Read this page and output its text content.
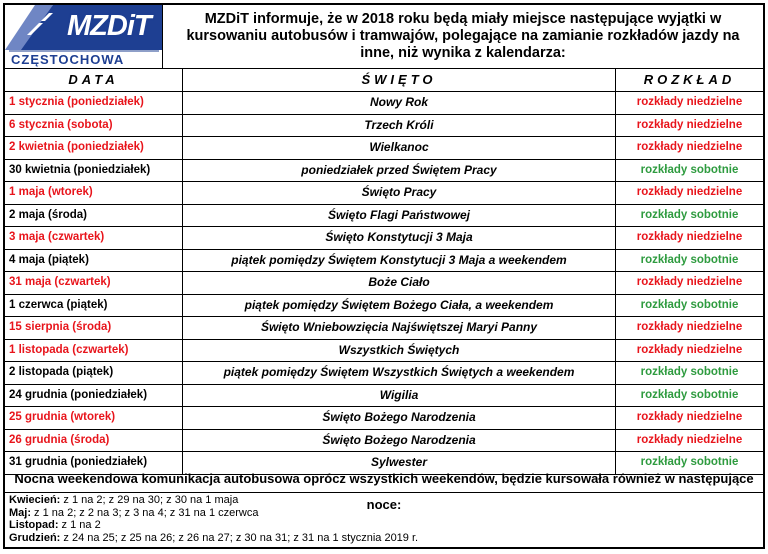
MZDiT
CZĘSTOCHOWA
MZDiT informuje, że w 2018 roku będą miały miejsce następujące wyjątki w kursowaniu autobusów i tramwajów, polegające na zamianie rozkładów jazdy na inne, niż wynika z kalendarza:
DATA	ŚWIĘTO	ROZKŁAD
1 stycznia (poniedziałek)	Nowy Rok	rozkłady niedzielne
6 stycznia (sobota)	Trzech Króli	rozkłady niedzielne
2 kwietnia (poniedziałek)	Wielkanoc	rozkłady niedzielne
30 kwietnia (poniedziałek)	poniedziałek przed Świętem Pracy	rozkłady sobotnie
1 maja (wtorek)	Święto Pracy	rozkłady niedzielne
2 maja (środa)	Święto Flagi Państwowej	rozkłady sobotnie
3 maja (czwartek)	Święto Konstytucji 3 Maja	rozkłady niedzielne
4 maja (piątek)	piątek pomiędzy Świętem Konstytucji 3 Maja a weekendem	rozkłady sobotnie
31 maja (czwartek)	Boże Ciało	rozkłady niedzielne
1 czerwca (piątek)	piątek pomiędzy Świętem Bożego Ciała, a weekendem	rozkłady sobotnie
15 sierpnia (środa)	Święto Wniebowzięcia Najświętszej Maryi Panny	rozkłady niedzielne
1 listopada (czwartek)	Wszystkich Świętych	rozkłady niedzielne
2 listopada (piątek)	piątek pomiędzy Świętem Wszystkich Świętych a weekendem	rozkłady sobotnie
24 grudnia (poniedziałek)	Wigilia	rozkłady sobotnie
25 grudnia (wtorek)	Święto Bożego Narodzenia	rozkłady niedzielne
26 grudnia (środa)	Święto Bożego Narodzenia	rozkłady niedzielne
31 grudnia (poniedziałek)	Sylwester	rozkłady sobotnie
Nocna weekendowa komunikacja autobusowa oprócz wszystkich weekendów, będzie kursowała również w następujące noce:
Kwiecień: z 1 na 2; z 29 na 30; z 30 na 1 maja
Maj: z 1 na 2; z 2 na 3; z 3 na 4; z 31 na 1 czerwca
Listopad: z 1 na 2
Grudzień: z 24 na 25; z 25 na 26; z 26 na 27; z 30 na 31; z 31 na 1 stycznia 2019 r.
